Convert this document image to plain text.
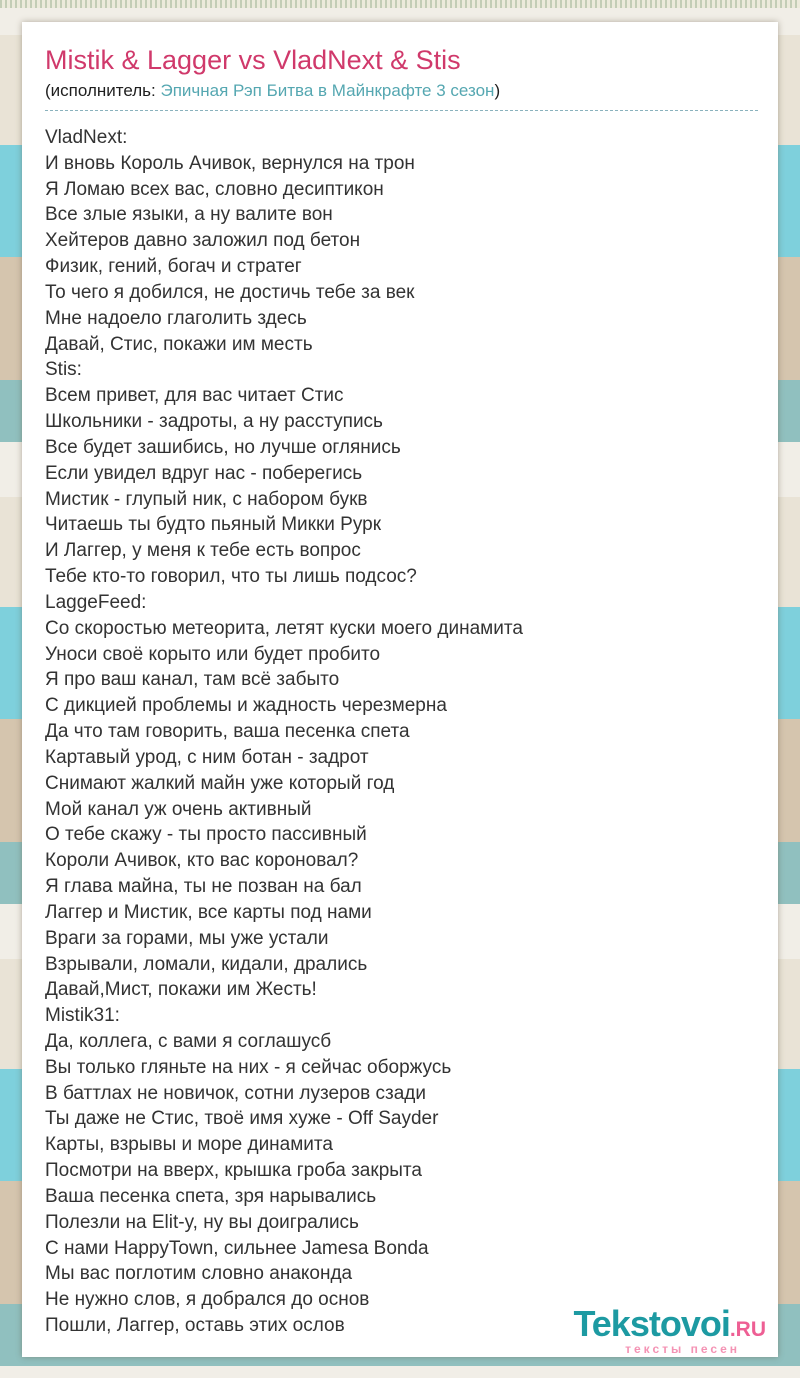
Mistik & Lagger vs VladNext & Stis
(исполнитель: Эпичная Рэп Битва в Майнкрафте 3 сезон)
VladNext:
И вновь Король Ачивок, вернулся на трон
Я Ломаю всех вас, словно десиптикон
Все злые языки, а ну валите вон
Хейтеров давно заложил под бетон
Физик, гений, богач и стратег
То чего я добился, не достичь тебе за век
Мне надоело глаголить здесь
Давай, Стис, покажи им месть
Stis:
Всем привет, для вас читает Стис
Школьники - задроты, а ну расступись
Все будет зашибись, но лучше оглянись
Если увидел вдруг нас - поберегись
Мистик - глупый ник, с набором букв
Читаешь ты будто пьяный Микки Рурк
И Лаггер, у меня к тебе есть вопрос
Тебе кто-то говорил, что ты лишь подсос?
LaggeFeed:
Со скоростью метеорита, летят куски моего динамита
Уноси своё корыто или будет пробито
Я про ваш канал, там всё забыто
С дикцией проблемы и жадность черезмерна
Да что там говорить, ваша песенка спета
Картавый урод, с ним ботан - задрот
Снимают жалкий майн уже который год
Мой канал уж очень активный
О тебе скажу - ты просто пассивный
Короли Ачивок, кто вас короновал?
Я глава майна, ты не позван на бал
Лаггер и Мистик, все карты под нами
Враги за горами, мы уже устали
Взрывали, ломали, кидали, дрались
Давай,Мист, покажи им Жесть!
Mistik31:
Да, коллега, с вами я соглашусб
Вы только гляньте на них - я сейчас оборжусь
В баттлах не новичок, сотни лузеров сзади
Ты даже не Стис, твоё имя хуже - Off Sayder
Карты, взрывы и море динамита
Посмотри на вверх, крышка гроба закрыта
Ваша песенка спета, зря нарывались
Полезли на Elit-y, ну вы доигрались
С нами HappyTown, сильнее Jamesa Bonda
Мы вас поглотим словно анаконда
Не нужно слов, я добрался до основ
Пошли, Лаггер, оставь этих ослов	Tekstovoi.RU
тексты песен
